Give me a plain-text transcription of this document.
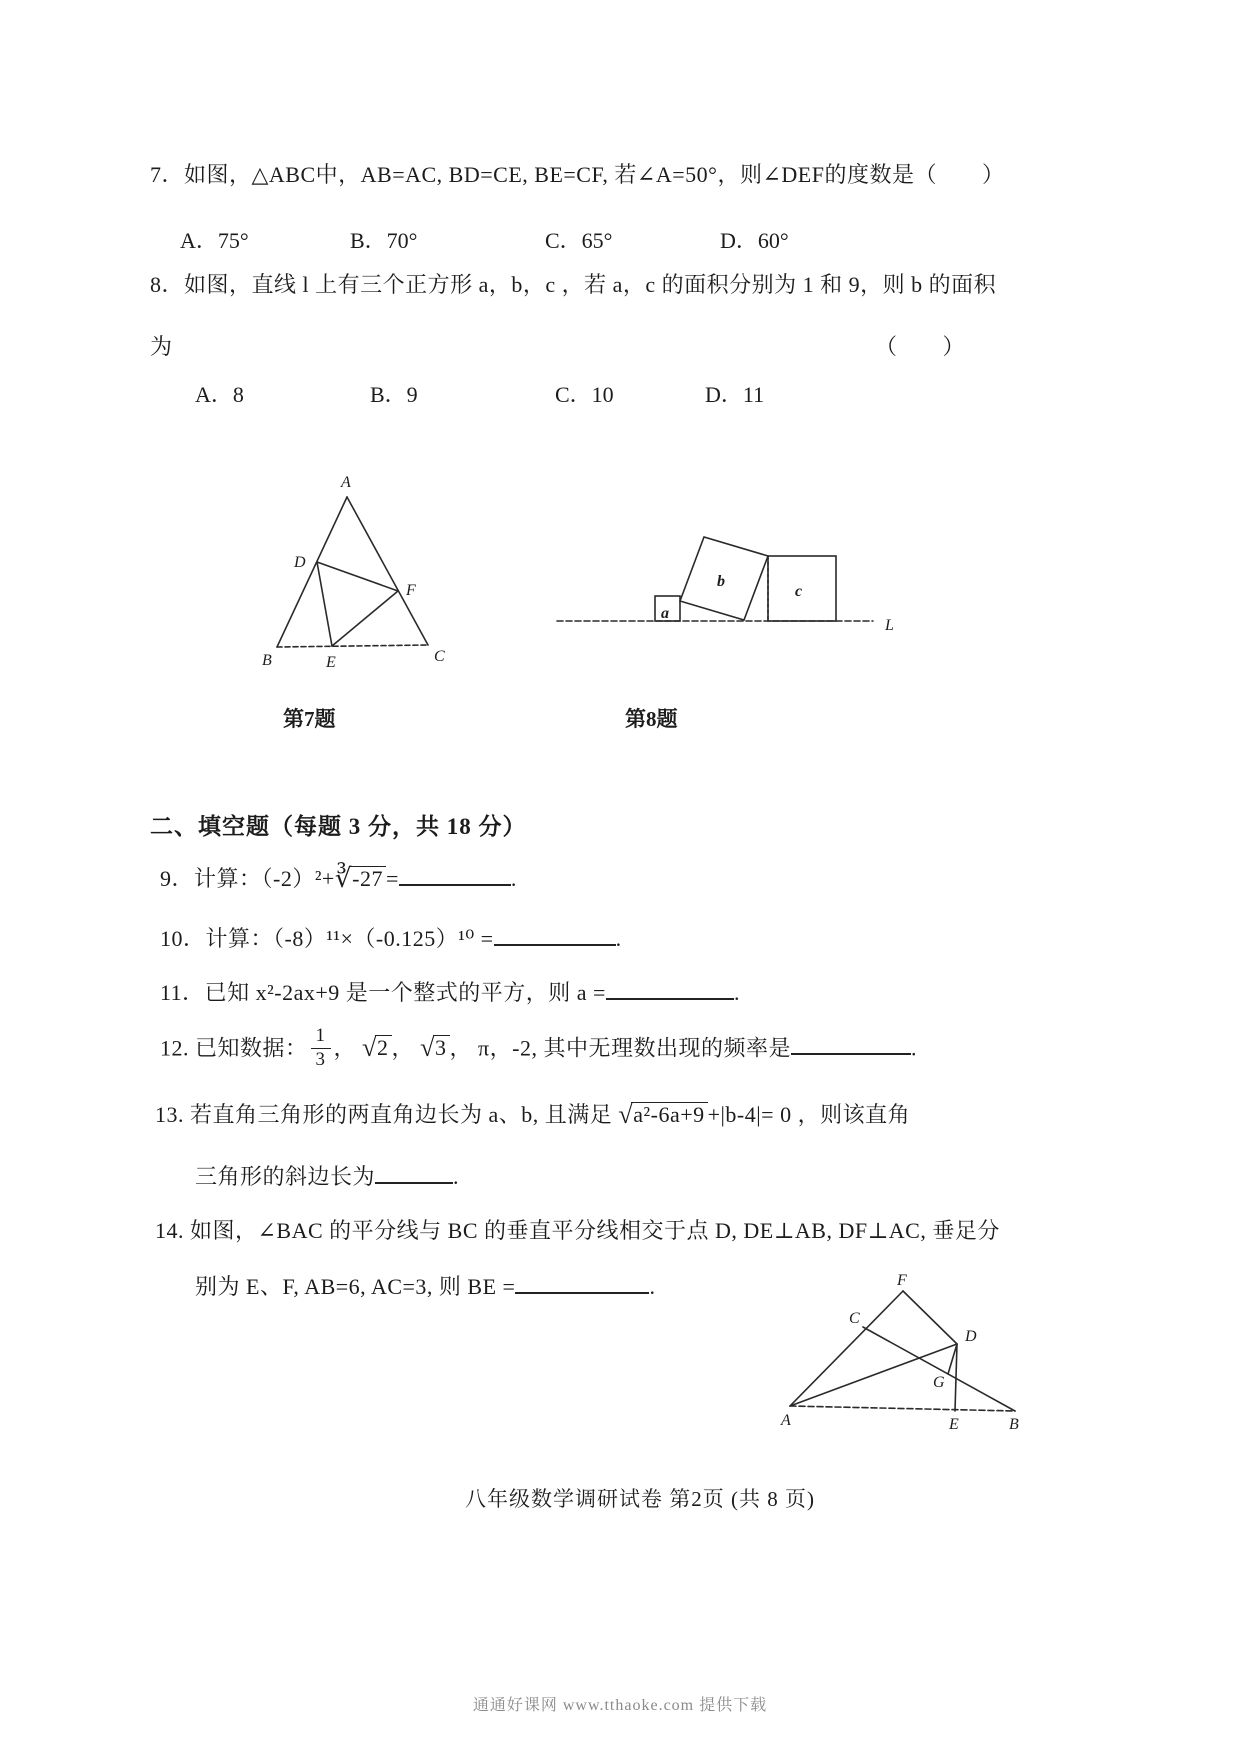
7．如图，△ABC中，AB=AC, BD=CE, BE=CF, 若∠A=50°，则∠DEF的度数是（　　）
A．75°	B．70°	C．65°	D．60°
8．如图，直线 l 上有三个正方形 a，b，c ，若 a，c 的面积分别为 1 和 9，则 b 的面积
为	（　　）
A．8	B．9	C．10	D．11
A
B	C
D
E
F
第7题
a
b
c
L
第8题
二、填空题（每题 3 分，共 18 分）
9．计算：（-2）²+∛-27 =	.
10．计算：（-8）¹¹×（-0.125）¹⁰ =	.
11．已知 x²-2ax+9 是一个整式的平方，则 a =	.
12. 已知数据： $\frac{1}{3}$ ， √2 ， √3 ， π，-2, 其中无理数出现的频率是	.
13. 若直角三角形的两直角边长为 a、b, 且满足 √a²-6a+9 +|b-4|= 0 ，则该直角
三角形的斜边长为	.
14. 如图，∠BAC 的平分线与 BC 的垂直平分线相交于点 D, DE⊥AB, DF⊥AC, 垂足分
别为 E、F, AB=6, AC=3, 则 BE =	.	F
C
D
G
A	E	B
八年级数学调研试卷 第2页 (共 8 页)
通通好课网 www.tthaoke.com 提供下载
